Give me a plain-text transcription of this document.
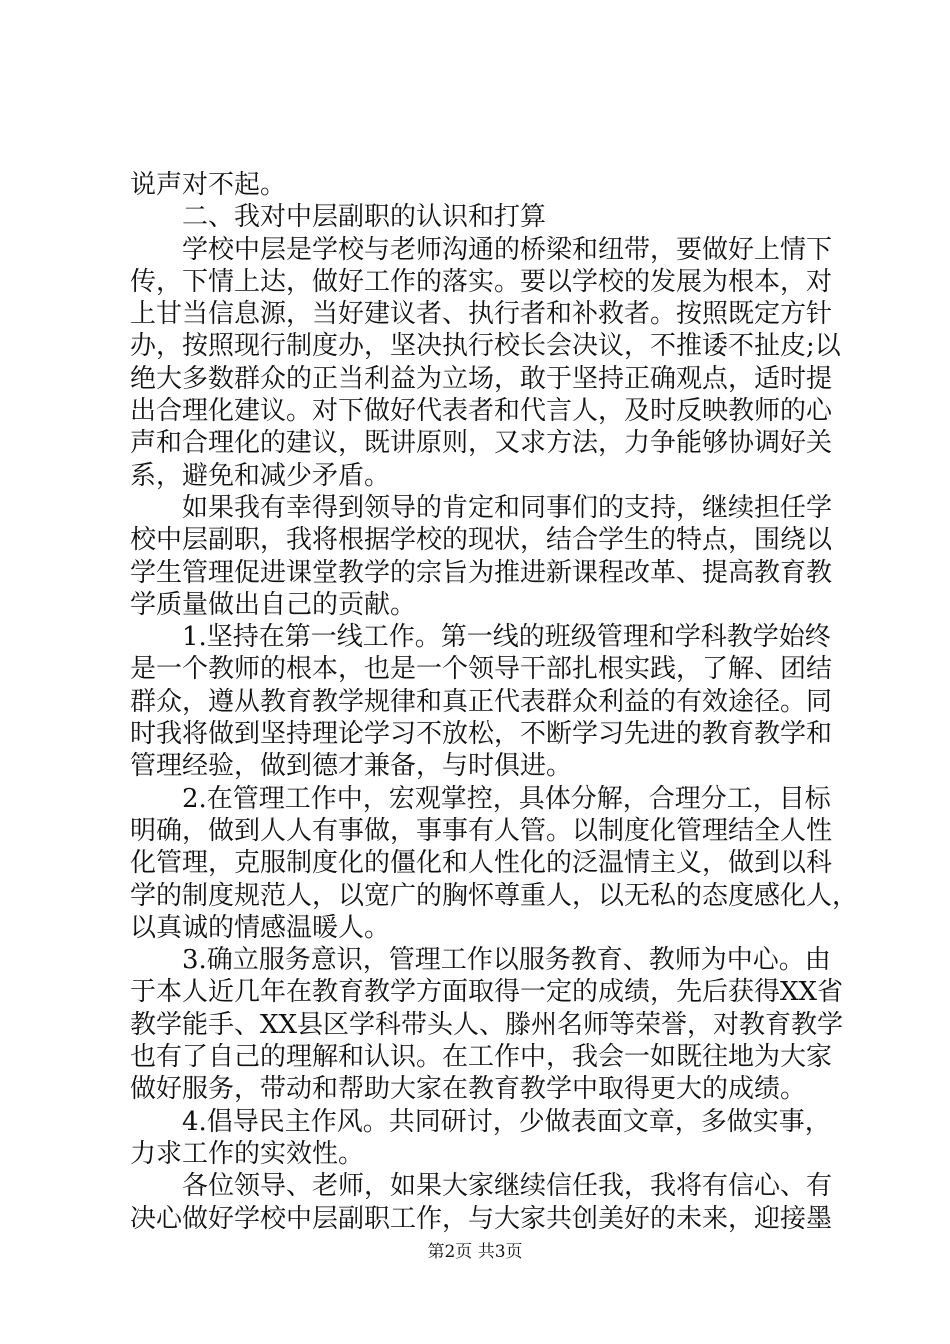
说声对不起。
二、我对中层副职的认识和打算
学校中层是学校与老师沟通的桥梁和纽带，要做好上情下
传，下情上达，做好工作的落实。要以学校的发展为根本，对
上甘当信息源，当好建议者、执行者和补救者。按照既定方针
办，按照现行制度办，坚决执行校长会决议，不推诿不扯皮;以
绝大多数群众的正当利益为立场，敢于坚持正确观点，适时提
出合理化建议。对下做好代表者和代言人，及时反映教师的心
声和合理化的建议，既讲原则，又求方法，力争能够协调好关
系，避免和减少矛盾。
如果我有幸得到领导的肯定和同事们的支持，继续担任学
校中层副职，我将根据学校的现状，结合学生的特点，围绕以
学生管理促进课堂教学的宗旨为推进新课程改革、提高教育教
学质量做出自己的贡献。
1.坚持在第一线工作。第一线的班级管理和学科教学始终
是一个教师的根本，也是一个领导干部扎根实践，了解、团结
群众，遵从教育教学规律和真正代表群众利益的有效途径。同
时我将做到坚持理论学习不放松，不断学习先进的教育教学和
管理经验，做到德才兼备，与时俱进。
2.在管理工作中，宏观掌控，具体分解，合理分工，目标
明确，做到人人有事做，事事有人管。以制度化管理结全人性
化管理，克服制度化的僵化和人性化的泛温情主义，做到以科
学的制度规范人，以宽广的胸怀尊重人，以无私的态度感化人，
以真诚的情感温暖人。
3.确立服务意识，管理工作以服务教育、教师为中心。由
于本人近几年在教育教学方面取得一定的成绩，先后获得XX省
教学能手、XX县区学科带头人、滕州名师等荣誉，对教育教学
也有了自己的理解和认识。在工作中，我会一如既往地为大家
做好服务，带动和帮助大家在教育教学中取得更大的成绩。
4.倡导民主作风。共同研讨，少做表面文章，多做实事，
力求工作的实效性。
各位领导、老师，如果大家继续信任我，我将有信心、有
决心做好学校中层副职工作，与大家共创美好的未来，迎接墨
第2页 共3页
